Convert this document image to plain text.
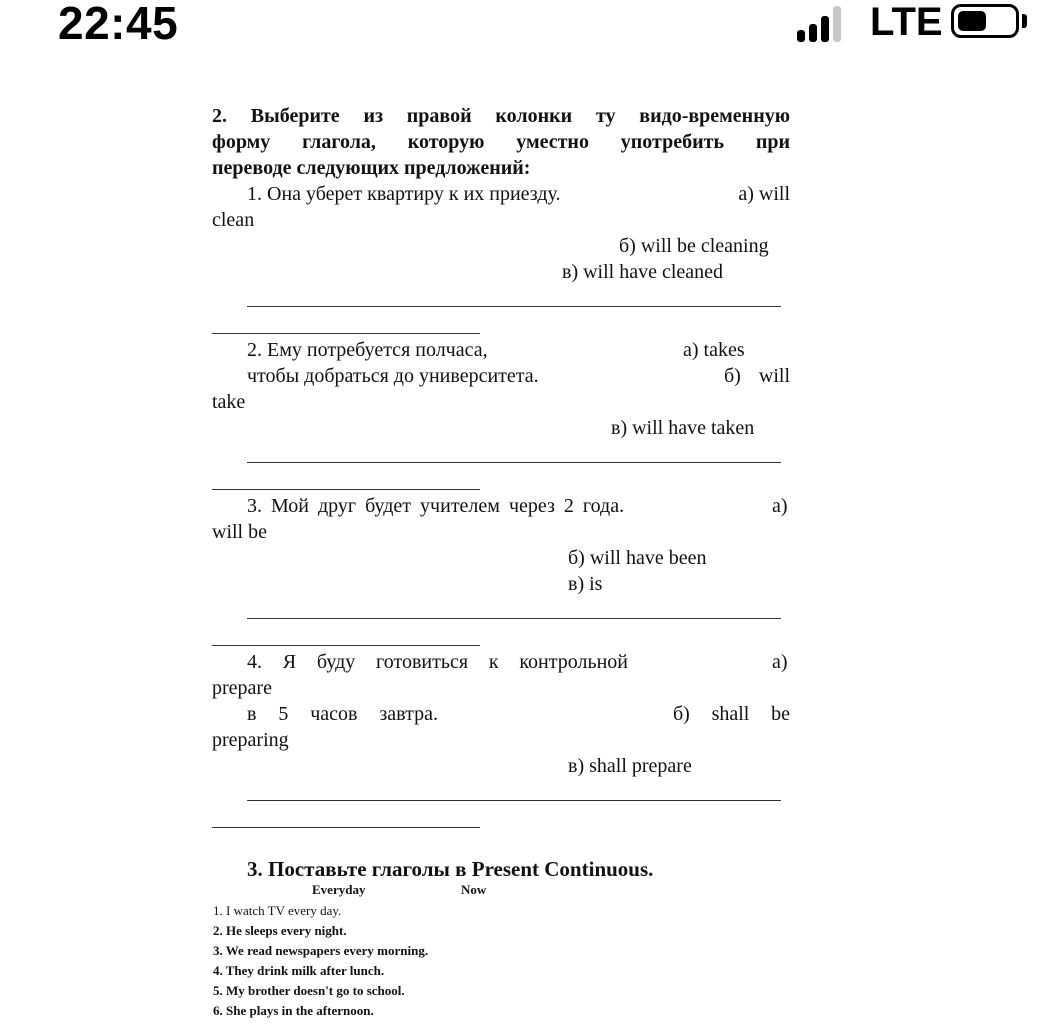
22:45	LTE
2. Выберите из правой колонки ту видо-временную
форму глагола, которую уместно употребить при
переводе следующих предложений:
1. Она уберет квартиру к их приезду.	а) will
clean
б) will be cleaning
в) will have cleaned
2. Ему потребуется полчаса,	а) takes
чтобы добраться до университета.	б) will
take
в) will have taken
3. Мой друг будет учителем через 2 года.	а)
will be
б) will have been
в) is
4. Я буду готовиться к контрольной	а)
prepare
в 5 часов завтра.	б) shall be
preparing
в) shall prepare
3. Поставьте глаголы в Present Continuous.
Everyday	Now
1. I watch TV every day.
2. He sleeps every night.
3. We read newspapers every morning.
4. They drink milk after lunch.
5. My brother doesn't go to school.
6. She plays in the afternoon.
